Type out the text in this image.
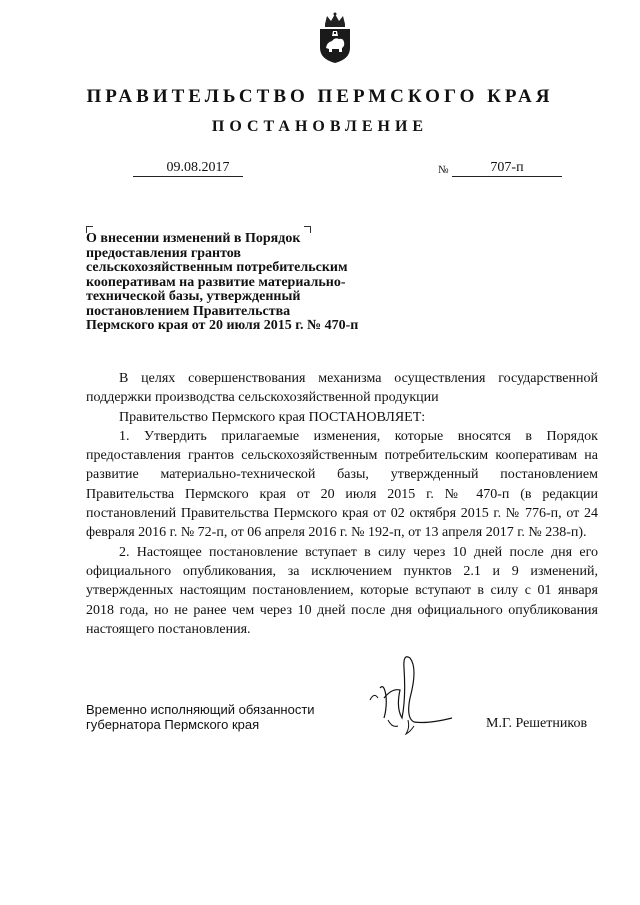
ПРАВИТЕЛЬСТВО ПЕРМСКОГО КРАЯ
ПОСТАНОВЛЕНИЕ
09.08.2017	№	707-п
О внесении изменений в Порядок
предоставления грантов
сельскохозяйственным потребительским
кооперативам на развитие материально-
технической базы, утвержденный
постановлением Правительства
Пермского края от 20 июля 2015 г. № 470-п

В целях совершенствования механизма осуществления государственной поддержки производства сельскохозяйственной продукции

Правительство Пермского края ПОСТАНОВЛЯЕТ:

1. Утвердить прилагаемые изменения, которые вносятся в Порядок предоставления грантов сельскохозяйственным потребительским кооперативам на развитие материально-технической базы, утвержденный постановлением Правительства Пермского края от 20 июля 2015 г. № 470-п (в редакции постановлений Правительства Пермского края от 02 октября 2015 г. № 776-п, от 24 февраля 2016 г. № 72-п, от 06 апреля 2016 г. № 192-п, от 13 апреля 2017 г. № 238-п).

2. Настоящее постановление вступает в силу через 10 дней после дня его официального опубликования, за исключением пунктов 2.1 и 9 изменений, утвержденных настоящим постановлением, которые вступают в силу с 01 января 2018 года, но не ранее чем через 10 дней после дня официального опубликования настоящего постановления.

Временно исполняющий обязанности
губернатора Пермского края	М.Г. Решетников
